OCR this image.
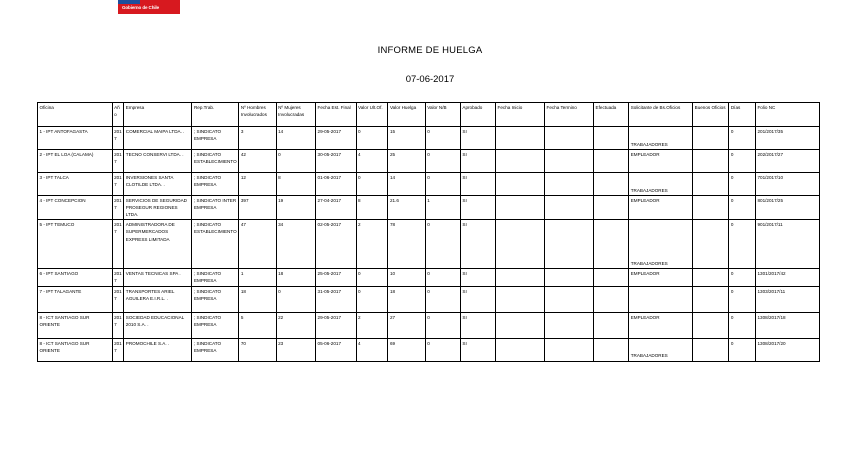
Gobierno de Chile
INFORME DE HUELGA
07-06-2017
Oficina	Año	Empresa	Rep.Trab.	Nº Hombres Involucrados	Nº Mujeres Involucradas	Fecha Est. Final	Valor Ult.Of.	Valor Huelga	Valor N/B	Aprobado	Fecha Inicio	Fecha Termino	Efectuada	Solicitante de Bs.Oficios	Buenos Oficios	Días	Folio NC
1 - IPT ANTOFAGASTA	2017	COMERCIAL MAIPA LTDA. .	; SINDICATO EMPRESA	3	14	29-05-2017	0	15	0	SI				TRABAJADORES		0	201/2017/35
2 - IPT EL LOA (CALAMA)	2017	TECNO CONSERVI LTDA. .	; SINDICATO ESTABLECIMIENTO	42	0	30-05-2017	4	25	0	SI				EMPLEADOR		0	202/2017/27
3 - IPT TALCA	2017	INVERSIONES SANTA CLOTILDE LTDA. .	; SINDICATO EMPRESA	12	8	01-06-2017	0	14	0	SI				TRABAJADORES		0	701/2017/10
4 - IPT CONCEPCION	2017	SERVICIOS DE SEGURIDAD PROSEGUR REGIONES LTDA.	; SINDICATO INTER EMPRESA	397	19	27-04-2017	8	21.6	1	SI				EMPLEADOR		0	801/2017/25
5 - IPT TEMUCO	2017	ADMINISTRADORA DE SUPERMERCADOS EXPRESS LIMITADA	; SINDICATO ESTABLECIMIENTO	47	34	02-05-2017	2	78	0	SI				TRABAJADORES		0	901/2017/11
6 - IPT SANTIAGO	2017	VENTAS TECNICAS SPA .	; SINDICATO EMPRESA	1	18	25-05-2017	0	10	0	SI				EMPLEADOR		0	1301/2017/42
7 - IPT TALAGANTE	2017	TRANSPORTES ARIEL AGUILERA E.I.R.L. .	; SINDICATO EMPRESA	18	0	31-05-2017	0	18	0	SI						0	1303/2017/11
8 - ICT SANTIAGO SUR ORIENTE	2017	SOCIEDAD EDUCACIONAL 2010 S.A. .	; SINDICATO EMPRESA	5	22	29-05-2017	2	27	0	SI				EMPLEADOR		0	1308/2017/18
8 - ICT SANTIAGO SUR ORIENTE	2017	PROMOCHILE S.A. .	; SINDICATO EMPRESA	70	23	05-06-2017	4	69	0	SI				TRABAJADORES		0	1308/2017/20
